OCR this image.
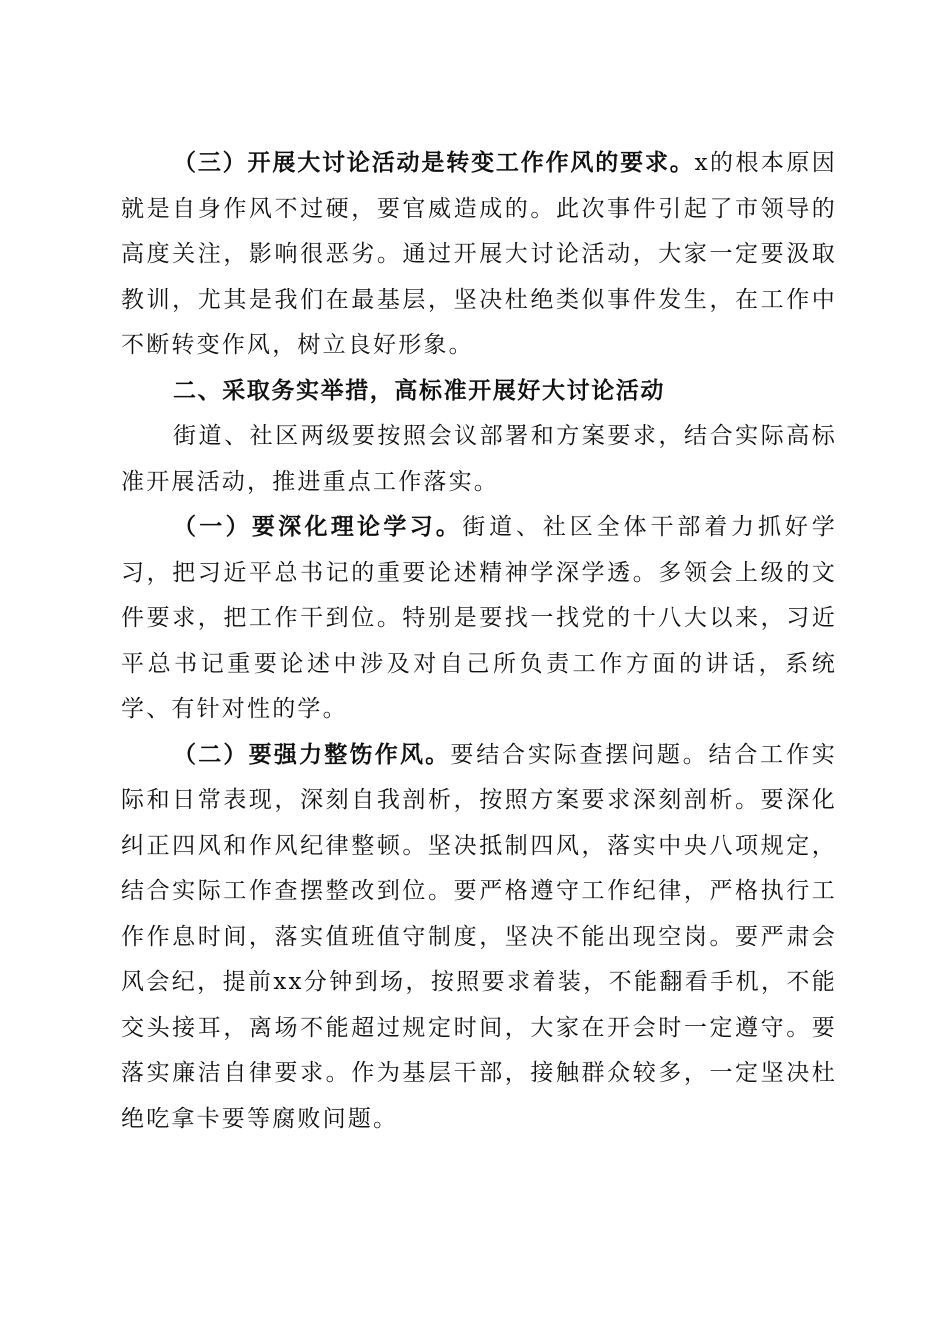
（三）开展大讨论活动是转变工作作风的要求。x的根本原因就是自身作风不过硬，要官威造成的。此次事件引起了市领导的高度关注，影响很恶劣。通过开展大讨论活动，大家一定要汲取教训，尤其是我们在最基层，坚决杜绝类似事件发生，在工作中不断转变作风，树立良好形象。

二、采取务实举措，高标准开展好大讨论活动

街道、社区两级要按照会议部署和方案要求，结合实际高标准开展活动，推进重点工作落实。

（一）要深化理论学习。街道、社区全体干部着力抓好学习，把习近平总书记的重要论述精神学深学透。多领会上级的文件要求，把工作干到位。特别是要找一找党的十八大以来，习近平总书记重要论述中涉及对自己所负责工作方面的讲话，系统学、有针对性的学。

（二）要强力整饬作风。要结合实际查摆问题。结合工作实际和日常表现，深刻自我剖析，按照方案要求深刻剖析。要深化纠正四风和作风纪律整顿。坚决抵制四风，落实中央八项规定，结合实际工作查摆整改到位。要严格遵守工作纪律，严格执行工作作息时间，落实值班值守制度，坚决不能出现空岗。要严肃会风会纪，提前xx分钟到场，按照要求着装，不能翻看手机，不能交头接耳，离场不能超过规定时间，大家在开会时一定遵守。要落实廉洁自律要求。作为基层干部，接触群众较多，一定坚决杜绝吃拿卡要等腐败问题。
